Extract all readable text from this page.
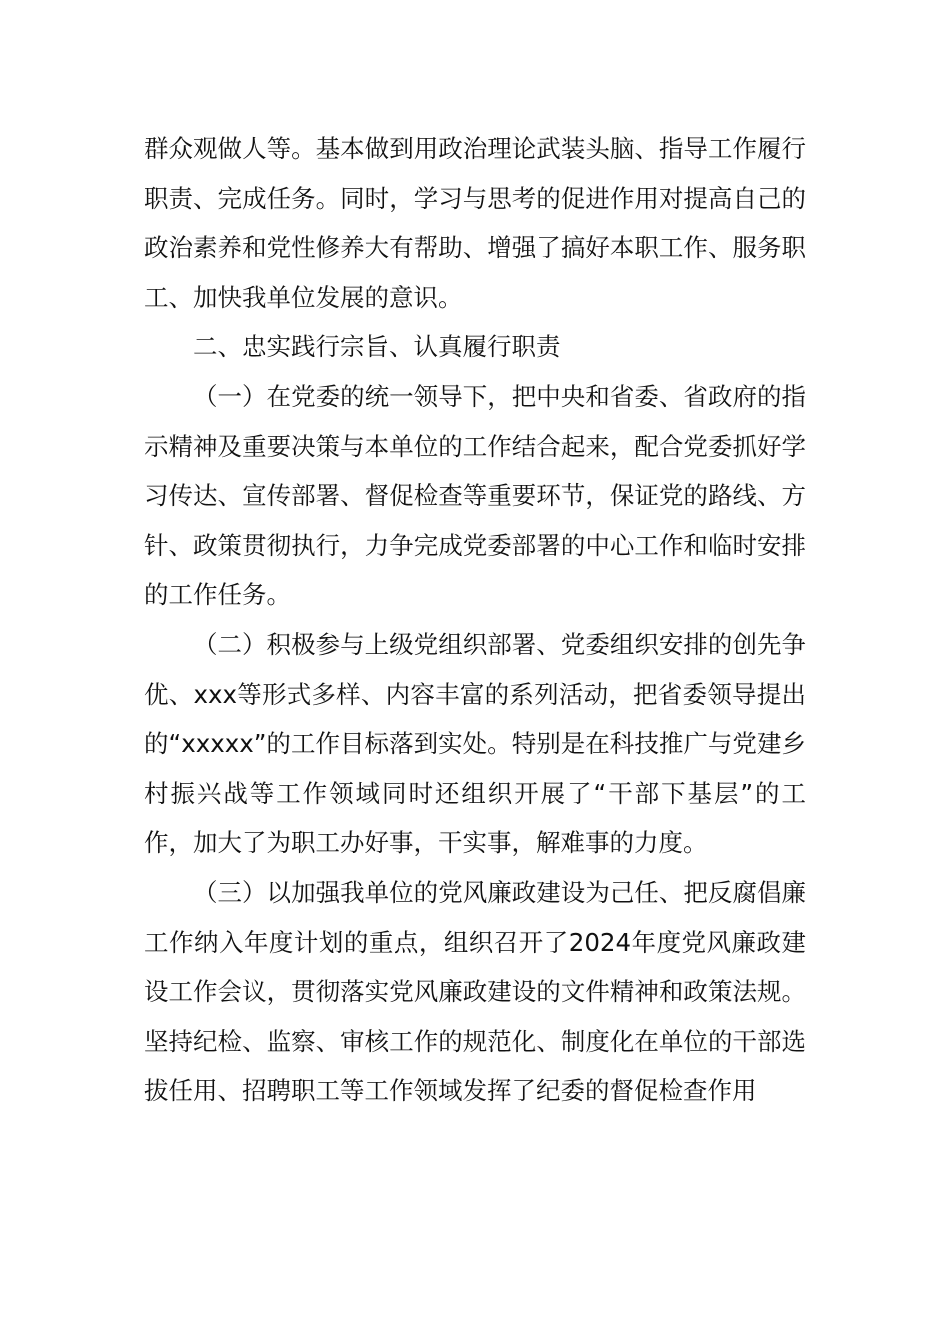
群众观做人等。基本做到用政治理论武装头脑、指导工作履行职责、完成任务。同时，学习与思考的促进作用对提高自己的政治素养和党性修养大有帮助、增强了搞好本职工作、服务职工、加快我单位发展的意识。

二、忠实践行宗旨、认真履行职责

（一）在党委的统一领导下，把中央和省委、省政府的指示精神及重要决策与本单位的工作结合起来，配合党委抓好学习传达、宣传部署、督促检查等重要环节，保证党的路线、方针、政策贯彻执行，力争完成党委部署的中心工作和临时安排的工作任务。

（二）积极参与上级党组织部署、党委组织安排的创先争优、xxx等形式多样、内容丰富的系列活动，把省委领导提出的“xxxxx”的工作目标落到实处。特别是在科技推广与党建乡村振兴战等工作领域同时还组织开展了“干部下基层”的工作，加大了为职工办好事，干实事，解难事的力度。

（三）以加强我单位的党风廉政建设为己任、把反腐倡廉工作纳入年度计划的重点，组织召开了2024年度党风廉政建设工作会议，贯彻落实党风廉政建设的文件精神和政策法规。坚持纪检、监察、审核工作的规范化、制度化在单位的干部选拔任用、招聘职工等工作领域发挥了纪委的督促检查作用
